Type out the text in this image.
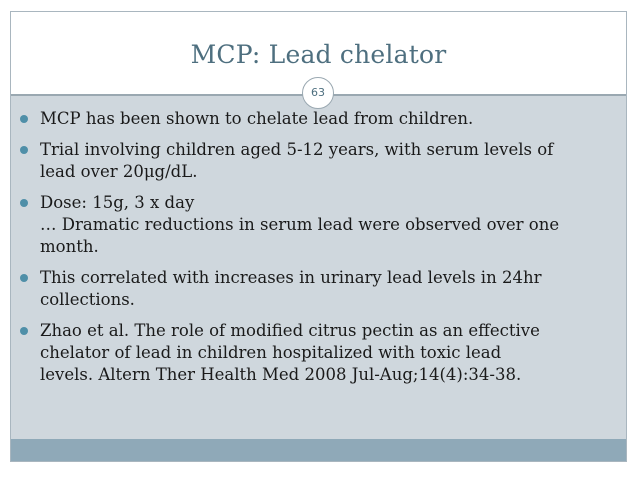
MCP: Lead chelator
63
MCP has been shown to chelate lead from children.
Trial involving children aged 5-12 years, with serum levels of
lead over 20μg/dL.
Dose: 15g, 3 x day
… Dramatic reductions in serum lead were observed over one
month.
This correlated with increases in urinary lead levels in 24hr
collections.
Zhao et al. The role of modified citrus pectin as an effective
chelator of lead in children hospitalized with toxic lead
levels. Altern Ther Health Med 2008 Jul-Aug;14(4):34-38.
